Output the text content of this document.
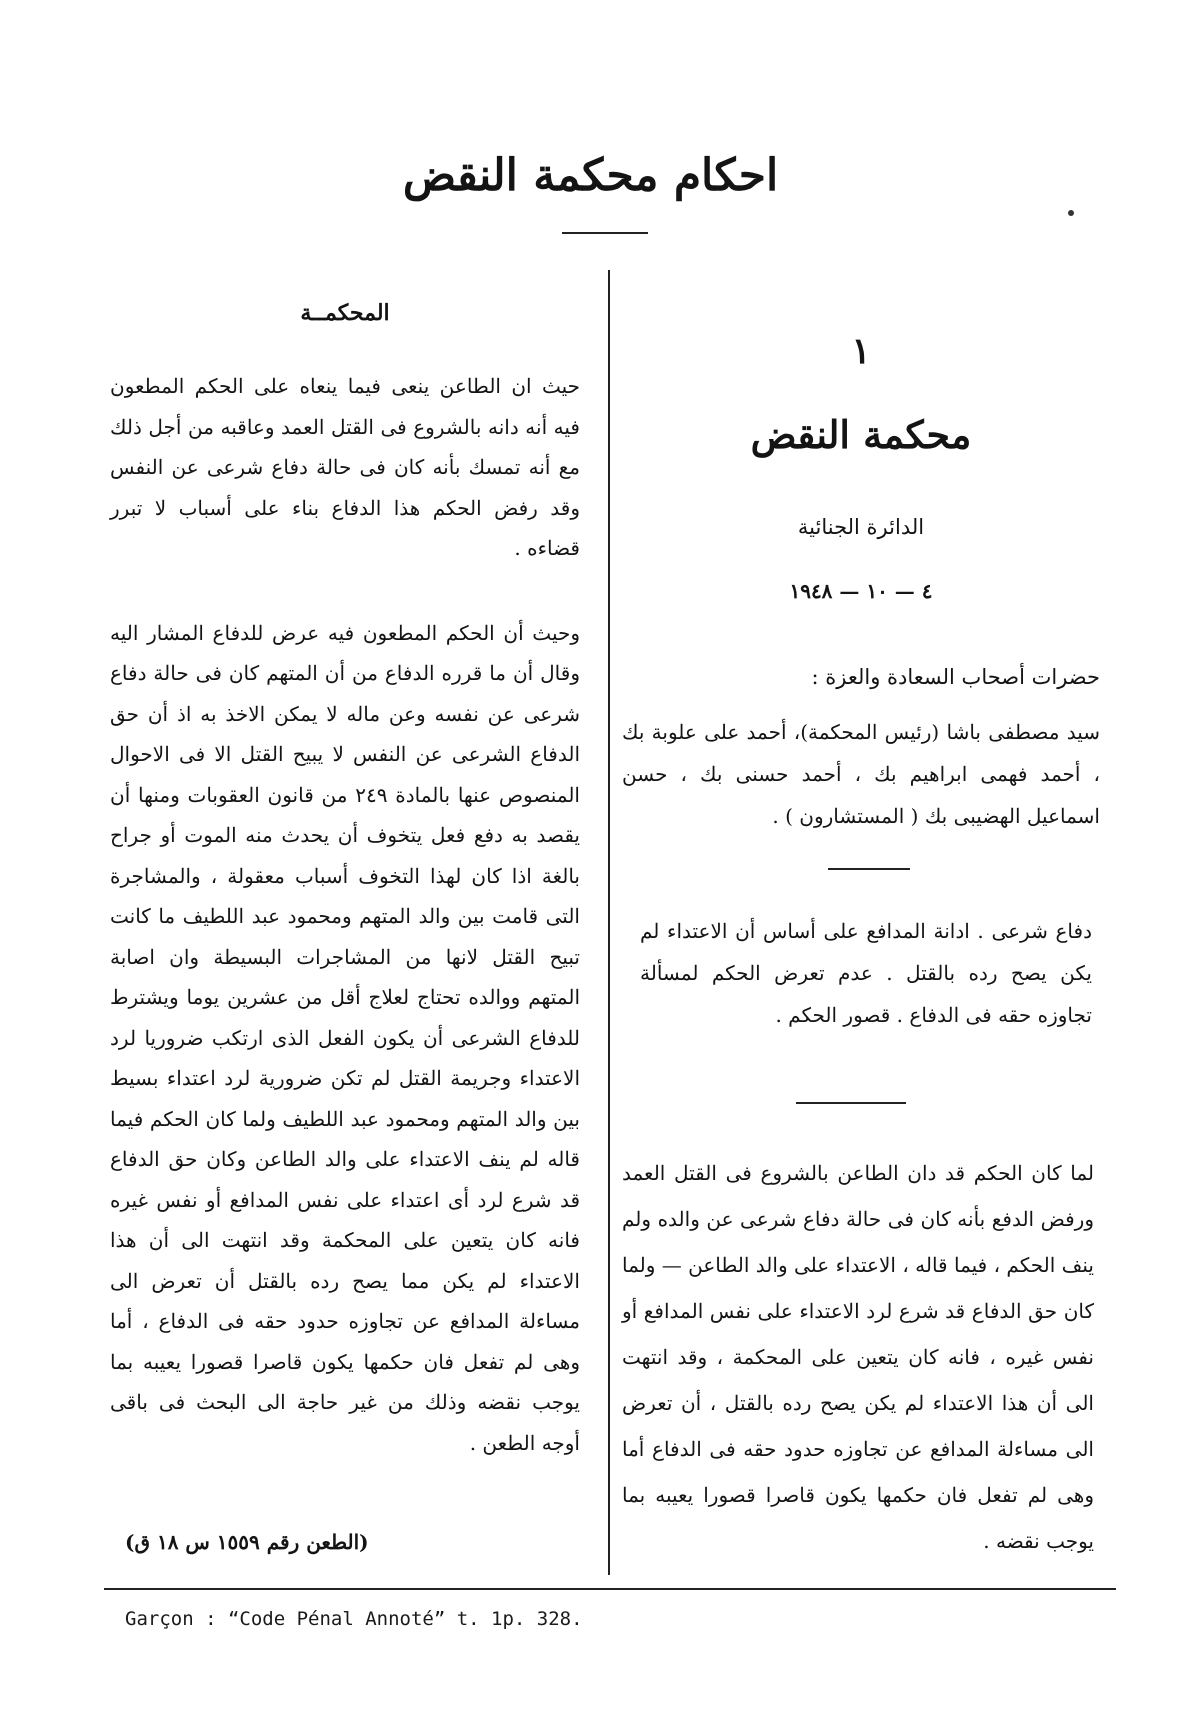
احكام محكمة النقض
المحكمــة

حيث ان الطاعن ينعى فيما ينعاه على الحكم المطعون فيه أنه دانه بالشروع فى القتل العمد وعاقبه من أجل ذلك مع أنه تمسك بأنه كان فى حالة دفاع شرعى عن النفس وقد رفض الحكم هذا الدفاع بناء على أسباب لا تبرر قضاءه .

وحيث أن الحكم المطعون فيه عرض للدفاع المشار اليه وقال أن ما قرره الدفاع من أن المتهم كان فى حالة دفاع شرعى عن نفسه وعن ماله لا يمكن الاخذ به اذ أن حق الدفاع الشرعى عن النفس لا يبيح القتل الا فى الاحوال المنصوص عنها بالمادة ٢٤٩ من قانون العقوبات ومنها أن يقصد به دفع فعل يتخوف أن يحدث منه الموت أو جراح بالغة اذا كان لهذا التخوف أسباب معقولة ، والمشاجرة التى قامت بين والد المتهم ومحمود عبد اللطيف ما كانت تبيح القتل لانها من المشاجرات البسيطة وان اصابة المتهم ووالده تحتاج لعلاج أقل من عشرين يوما ويشترط للدفاع الشرعى أن يكون الفعل الذى ارتكب ضروريا لرد الاعتداء وجريمة القتل لم تكن ضرورية لرد اعتداء بسيط بين والد المتهم ومحمود عبد اللطيف ولما كان الحكم فيما قاله لم ينف الاعتداء على والد الطاعن وكان حق الدفاع قد شرع لرد أى اعتداء على نفس المدافع أو نفس غيره فانه كان يتعين على المحكمة وقد انتهت الى أن هذا الاعتداء لم يكن مما يصح رده بالقتل أن تعرض الى مساءلة المدافع عن تجاوزه حدود حقه فى الدفاع ، أما وهى لم تفعل فان حكمها يكون قاصرا قصورا يعيبه بما يوجب نقضه وذلك من غير حاجة الى البحث فى باقى أوجه الطعن .

(الطعن رقم ١٥٥٩ س ١٨ ق)
١
محكمة النقض
الدائرة الجنائية
٤ — ١٠ — ١٩٤٨
حضرات أصحاب السعادة والعزة :

سيد مصطفى باشا (رئيس المحكمة)، أحمد على علوبة بك ، أحمد فهمى ابراهيم بك ، أحمد حسنى بك ، حسن اسماعيل الهضيبى بك ( المستشارون ) .

دفاع شرعى . ادانة المدافع على أساس أن الاعتداء لم يكن يصح رده بالقتل . عدم تعرض الحكم لمسألة تجاوزه حقه فى الدفاع . قصور الحكم .

لما كان الحكم قد دان الطاعن بالشروع فى القتل العمد ورفض الدفع بأنه كان فى حالة دفاع شرعى عن والده ولم ينف الحكم ، فيما قاله ، الاعتداء على والد الطاعن — ولما كان حق الدفاع قد شرع لرد الاعتداء على نفس المدافع أو نفس غيره ، فانه كان يتعين على المحكمة ، وقد انتهت الى أن هذا الاعتداء لم يكن يصح رده بالقتل ، أن تعرض الى مساءلة المدافع عن تجاوزه حدود حقه فى الدفاع أما وهى لم تفعل فان حكمها يكون قاصرا قصورا يعيبه بما يوجب نقضه .

Garçon : “Code Pénal Annoté” t. 1p. 328.
